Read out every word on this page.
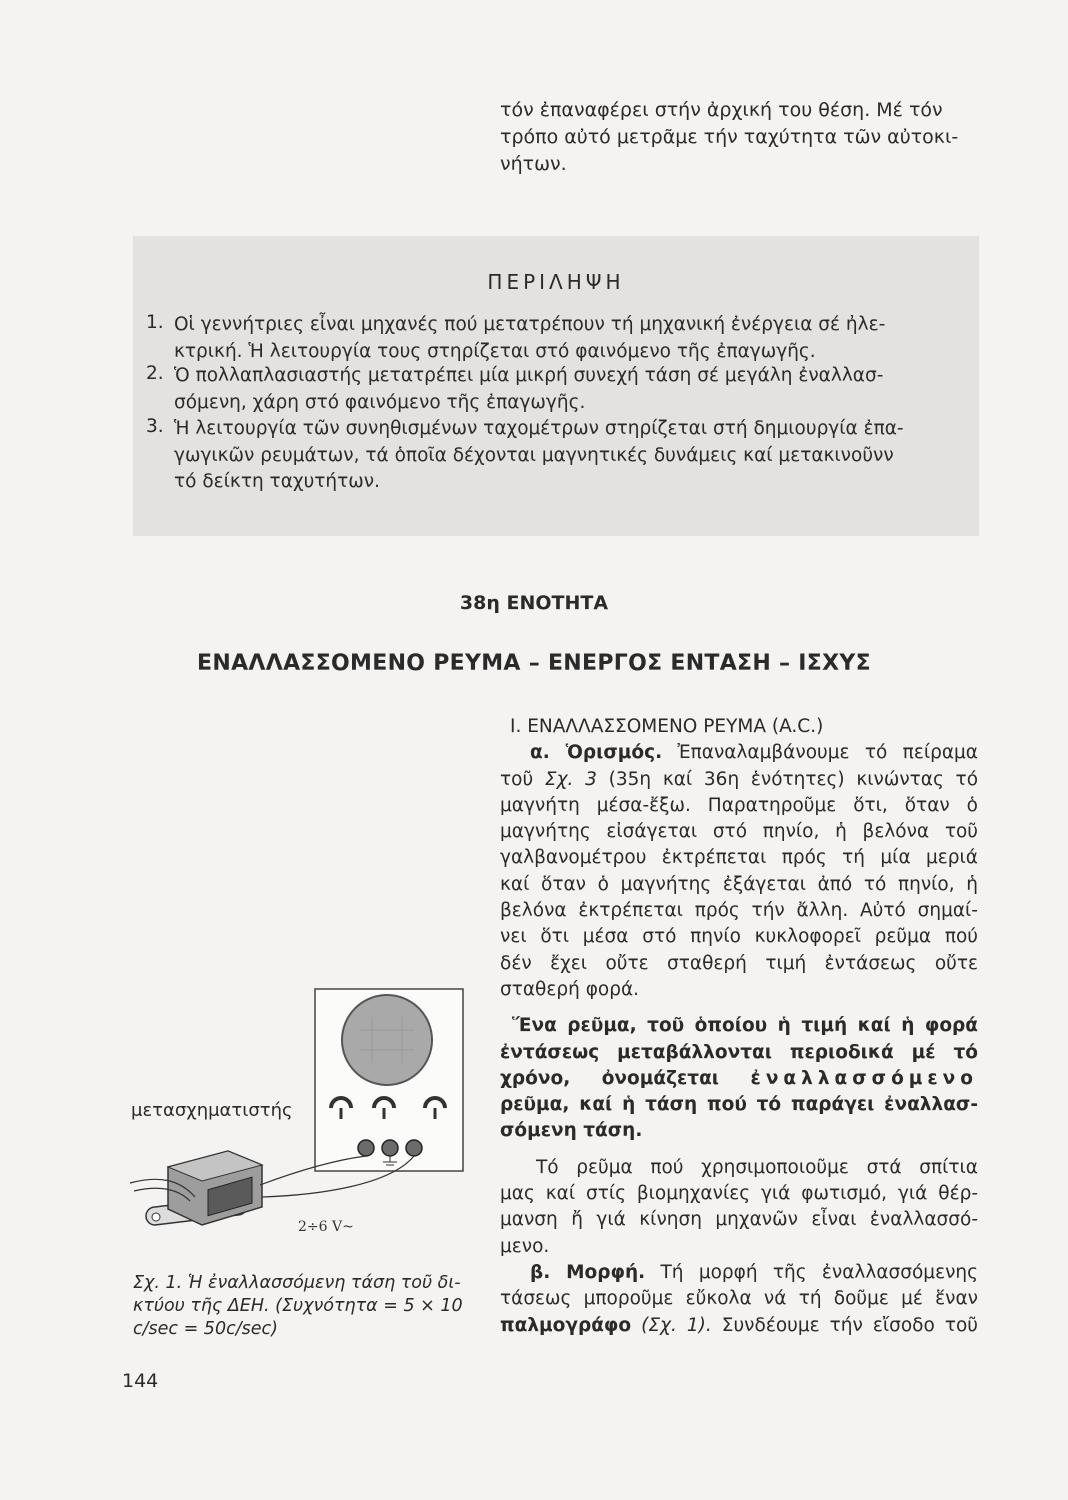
τόν ἐπαναφέρει στήν ἀρχική του θέση. Μέ τόν
τρόπο αὐτό μετρᾶμε τήν ταχύτητα τῶν αὐτοκι-
νήτων.
ΠΕΡΙΛΗΨΗ
1. Οἱ γεννήτριες εἶναι μηχανές πού μετατρέπουν τή μηχανική ἐνέργεια σέ ἠλε-
κτρική. Ἡ λειτουργία τους στηρίζεται στό φαινόμενο τῆς ἐπαγωγῆς.
2. Ὁ πολλαπλασιαστής μετατρέπει μία μικρή συνεχή τάση σέ μεγάλη ἐναλλασ-
σόμενη, χάρη στό φαινόμενο τῆς ἐπαγωγῆς.
3. Ἡ λειτουργία τῶν συνηθισμένων ταχομέτρων στηρίζεται στή δημιουργία ἐπα-
γωγικῶν ρευμάτων, τά ὁποῖα δέχονται μαγνητικές δυνάμεις καί μετακινοῦνν
τό δείκτη ταχυτήτων.
38η ΕΝΟΤΗΤΑ
ΕΝΑΛΛΑΣΣΟΜΕΝΟ ΡΕΥΜΑ – ΕΝΕΡΓΟΣ ΕΝΤΑΣΗ – ΙΣΧΥΣ
Ι. ΕΝΑΛΛΑΣΣΟΜΕΝΟ ΡΕΥΜΑ (A.C.)
α. Ὁρισμός. Ἐπαναλαμβάνουμε τό πείραμα
τοῦ Σχ. 3 (35η καί 36η ἑνότητες) κινώντας τό
μαγνήτη μέσα-ἔξω. Παρατηροῦμε ὅτι, ὅταν ὁ
μαγνήτης εἰσάγεται στό πηνίο, ἡ βελόνα τοῦ
γαλβανομέτρου ἐκτρέπεται πρός τή μία μεριά
καί ὅταν ὁ μαγνήτης ἐξάγεται ἀπό τό πηνίο, ἡ
βελόνα ἐκτρέπεται πρός τήν ἄλλη. Αὐτό σημαί-
νει ὅτι μέσα στό πηνίο κυκλοφορεῖ ρεῦμα πού
δέν ἔχει οὔτε σταθερή τιμή ἐντάσεως οὔτε
σταθερή φορά.
Ἕνα ρεῦμα, τοῦ ὁποίου ἡ τιμή καί ἡ φορά
ἐντάσεως μεταβάλλονται περιοδικά μέ τό
χρόνο, ὀνομάζεται ἐναλλασσόμενο
ρεῦμα, καί ἡ τάση πού τό παράγει ἐναλλασ-
σόμενη τάση.
Τό ρεῦμα πού χρησιμοποιοῦμε στά σπίτια
μας καί στίς βιομηχανίες γιά φωτισμό, γιά θέρ-
μανση ἤ γιά κίνηση μηχανῶν εἶναι ἐναλλασσό-
μενο.
β. Μορφή. Τή μορφή τῆς ἐναλλασσόμενης
τάσεως μποροῦμε εὔκολα νά τή δοῦμε μέ ἕναν
παλμογράφο (Σχ. 1). Συνδέουμε τήν εἴσοδο τοῦ
μετασχηματιστής
2÷6 V~
Σχ. 1. Ἡ ἐναλλασσόμενη τάση τοῦ δι-
κτύου τῆς ΔΕΗ. (Συχνότητα = 5 × 10
c/sec = 50c/sec)
144
